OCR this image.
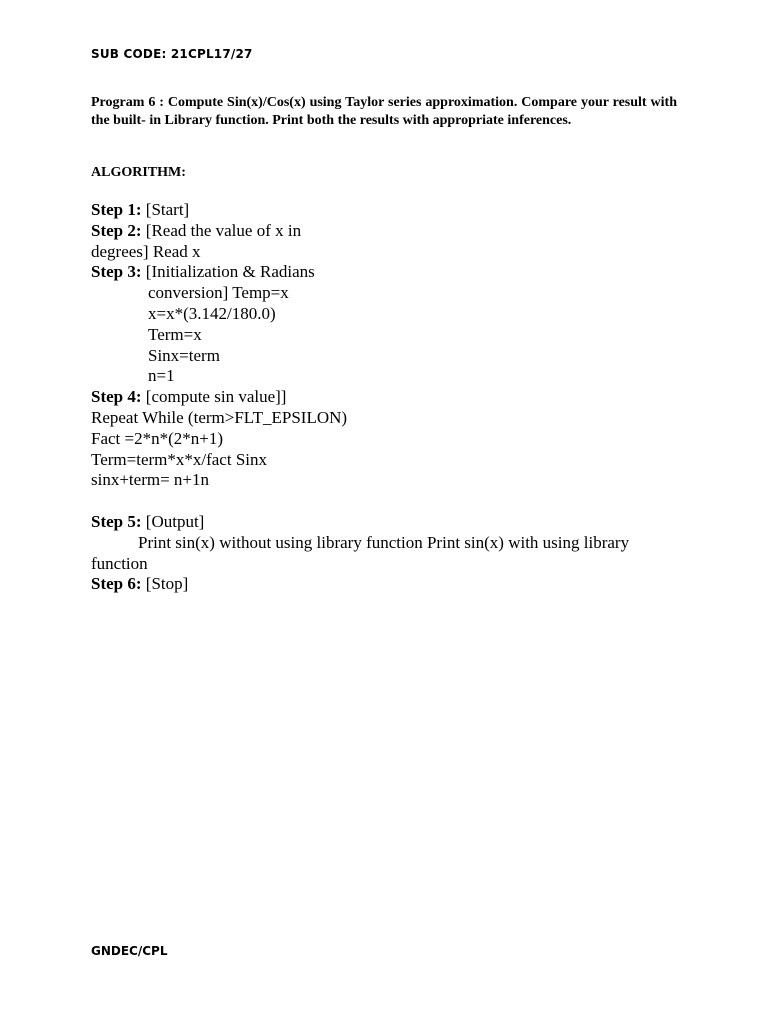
SUB CODE: 21CPL17/27
Program 6 : Compute Sin(x)/Cos(x) using Taylor series approximation. Compare your result with the built- in Library function. Print both the results with appropriate inferences.
ALGORITHM:
Step 1: [Start]
Step 2: [Read the value of x in
degrees] Read x
Step 3: [Initialization & Radians
conversion] Temp=x
x=x*(3.142/180.0)
Term=x
Sinx=term
n=1
Step 4: [compute sin value]]
Repeat While (term>FLT_EPSILON)
Fact =2*n*(2*n+1)
Term=term*x*x/fact Sinx
sinx+term= n+1n
Step 5: [Output]
Print sin(x) without using library function Print sin(x) with using library function
Step 6: [Stop]
GNDEC/CPL
